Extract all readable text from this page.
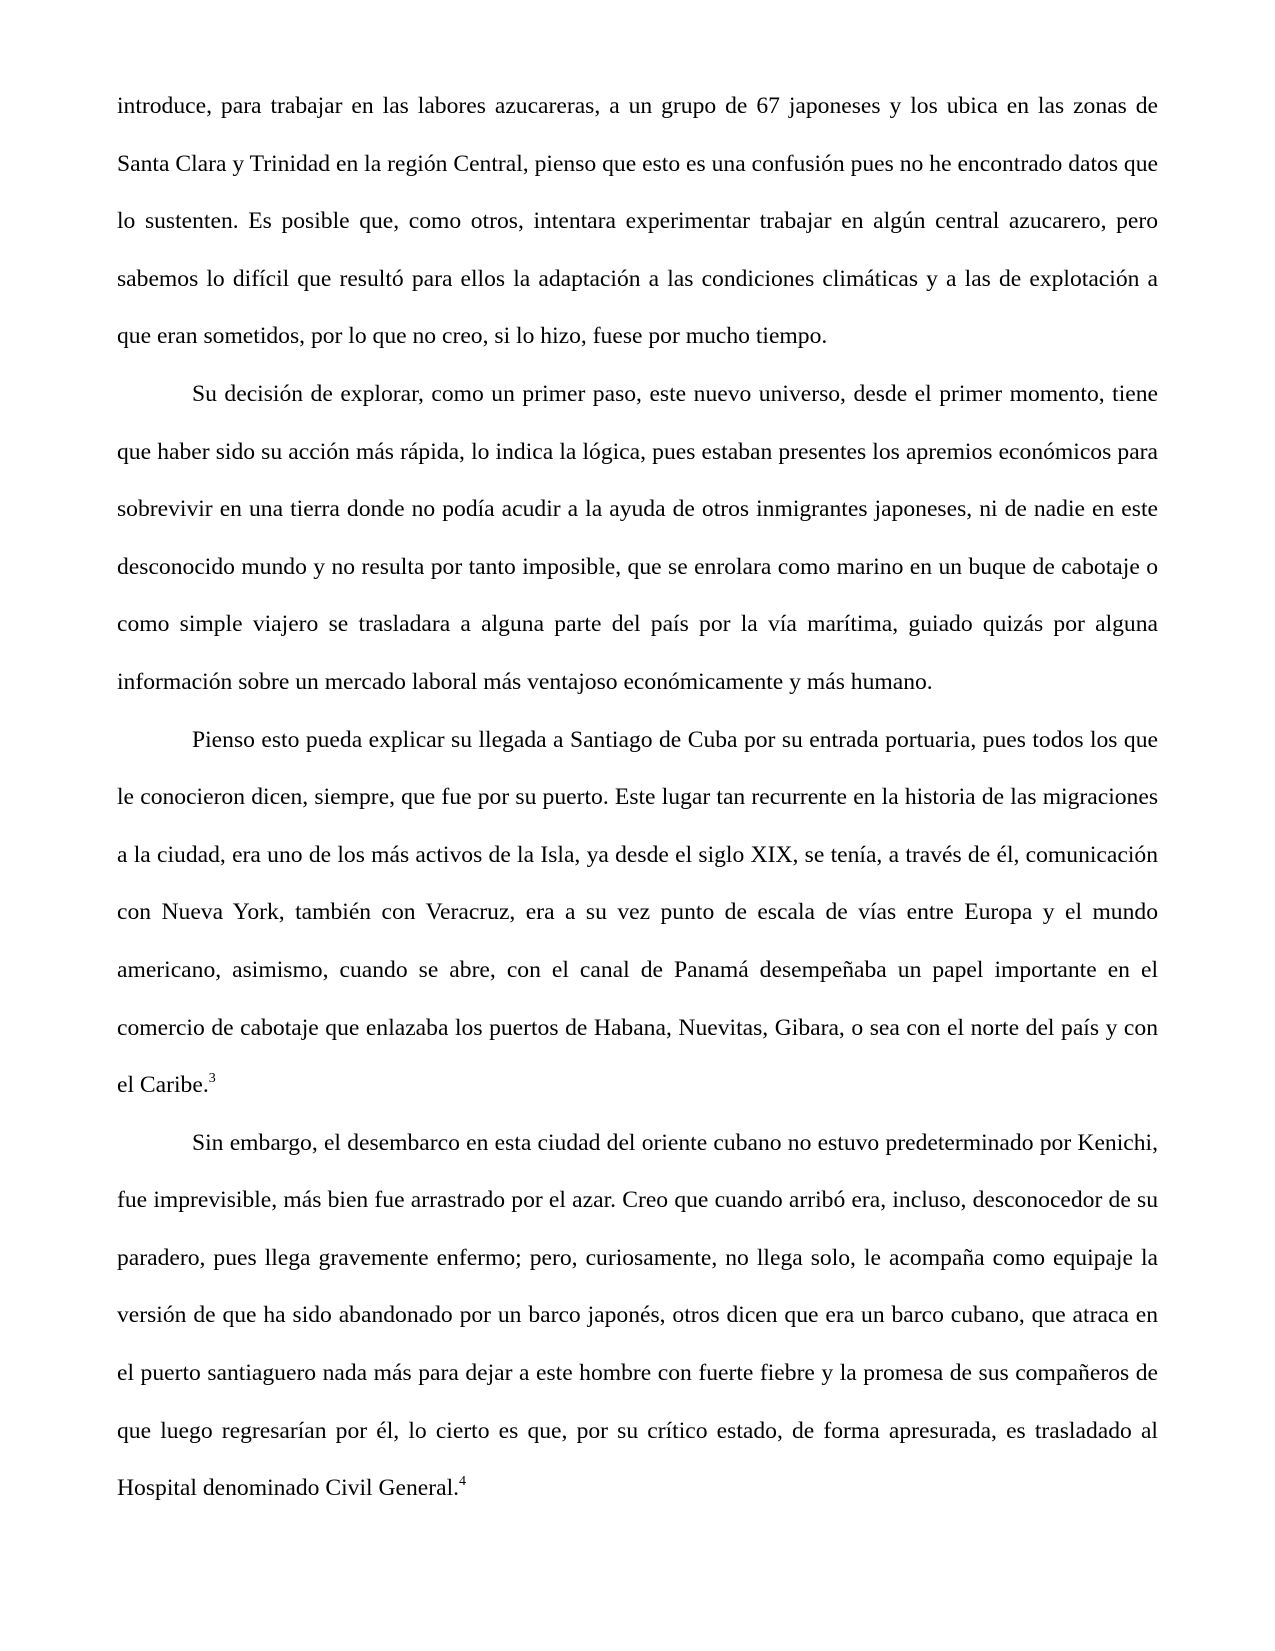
introduce, para trabajar en las labores azucareras, a un grupo de 67 japoneses y los ubica en las zonas de Santa Clara y Trinidad en la región Central, pienso que esto es una confusión pues no he encontrado datos que lo sustenten. Es posible que, como otros, intentara experimentar trabajar en algún central azucarero, pero sabemos lo difícil que resultó para ellos la adaptación a las condiciones climáticas y a las de explotación a que eran sometidos, por lo que no creo, si lo hizo, fuese por mucho tiempo.

Su decisión de explorar, como un primer paso, este nuevo universo, desde el primer momento, tiene que haber sido su acción más rápida, lo indica la lógica, pues estaban presentes los apremios económicos para sobrevivir en una tierra donde no podía acudir a la ayuda de otros inmigrantes japoneses, ni de nadie en este desconocido mundo y no resulta por tanto imposible, que se enrolara como marino en un buque de cabotaje o como simple viajero se trasladara a alguna parte del país por la vía marítima, guiado quizás por alguna información sobre un mercado laboral más ventajoso económicamente y más humano.

Pienso esto pueda explicar su llegada a Santiago de Cuba por su entrada portuaria, pues todos los que le conocieron dicen, siempre, que fue por su puerto. Este lugar tan recurrente en la historia de las migraciones a la ciudad, era uno de los más activos de la Isla, ya desde el siglo XIX, se tenía, a través de él, comunicación con Nueva York, también con Veracruz, era a su vez punto de escala de vías entre Europa y el mundo americano, asimismo, cuando se abre, con el canal de Panamá desempeñaba un papel importante en el comercio de cabotaje que enlazaba los puertos de Habana, Nuevitas, Gibara, o sea con el norte del país y con el Caribe.$^3$

Sin embargo, el desembarco en esta ciudad del oriente cubano no estuvo predeterminado por Kenichi, fue imprevisible, más bien fue arrastrado por el azar. Creo que cuando arribó era, incluso, desconocedor de su paradero, pues llega gravemente enfermo; pero, curiosamente, no llega solo, le acompaña como equipaje la versión de que ha sido abandonado por un barco japonés, otros dicen que era un barco cubano, que atraca en el puerto santiaguero nada más para dejar a este hombre con fuerte fiebre y la promesa de sus compañeros de que luego regresarían por él, lo cierto es que, por su crítico estado, de forma apresurada, es trasladado al Hospital denominado Civil General.$^4$
